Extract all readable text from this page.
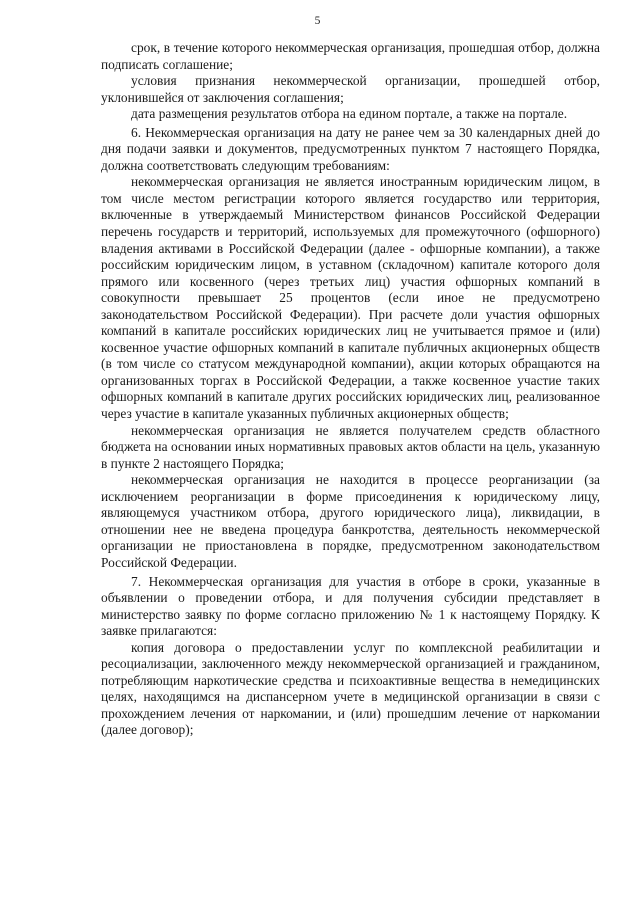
5

срок, в течение которого некоммерческая организация, прошедшая отбор, должна подписать соглашение;

условия признания некоммерческой организации, прошедшей отбор, уклонившейся от заключения соглашения;

дата размещения результатов отбора на едином портале, а также на портале.

6. Некоммерческая организация на дату не ранее чем за 30 календарных дней до дня подачи заявки и документов, предусмотренных пунктом 7 настоящего Порядка, должна соответствовать следующим требованиям:

некоммерческая организация не является иностранным юридическим лицом, в том числе местом регистрации которого является государство или территория, включенные в утверждаемый Министерством финансов Российской Федерации перечень государств и территорий, используемых для промежуточного (офшорного) владения активами в Российской Федерации (далее - офшорные компании), а также российским юридическим лицом, в уставном (складочном) капитале которого доля прямого или косвенного (через третьих лиц) участия офшорных компаний в совокупности превышает 25 процентов (если иное не предусмотрено законодательством Российской Федерации). При расчете доли участия офшорных компаний в капитале российских юридических лиц не учитывается прямое и (или) косвенное участие офшорных компаний в капитале публичных акционерных обществ (в том числе со статусом международной компании), акции которых обращаются на организованных торгах в Российской Федерации, а также косвенное участие таких офшорных компаний в капитале других российских юридических лиц, реализованное через участие в капитале указанных публичных акционерных обществ;

некоммерческая организация не является получателем средств областного бюджета на основании иных нормативных правовых актов области на цель, указанную в пункте 2 настоящего Порядка;

некоммерческая организация не находится в процессе реорганизации (за исключением реорганизации в форме присоединения к юридическому лицу, являющемуся участником отбора, другого юридического лица), ликвидации, в отношении нее не введена процедура банкротства, деятельность некоммерческой организации не приостановлена в порядке, предусмотренном законодательством Российской Федерации.

7. Некоммерческая организация для участия в отборе в сроки, указанные в объявлении о проведении отбора, и для получения субсидии представляет в министерство заявку по форме согласно приложению № 1 к настоящему Порядку. К заявке прилагаются:

копия договора о предоставлении услуг по комплексной реабилитации и ресоциализации, заключенного между некоммерческой организацией и гражданином, потребляющим наркотические средства и психоактивные вещества в немедицинских целях, находящимся на диспансерном учете в медицинской организации в связи с прохождением лечения от наркомании, и (или) прошедшим лечение от наркомании (далее договор);
